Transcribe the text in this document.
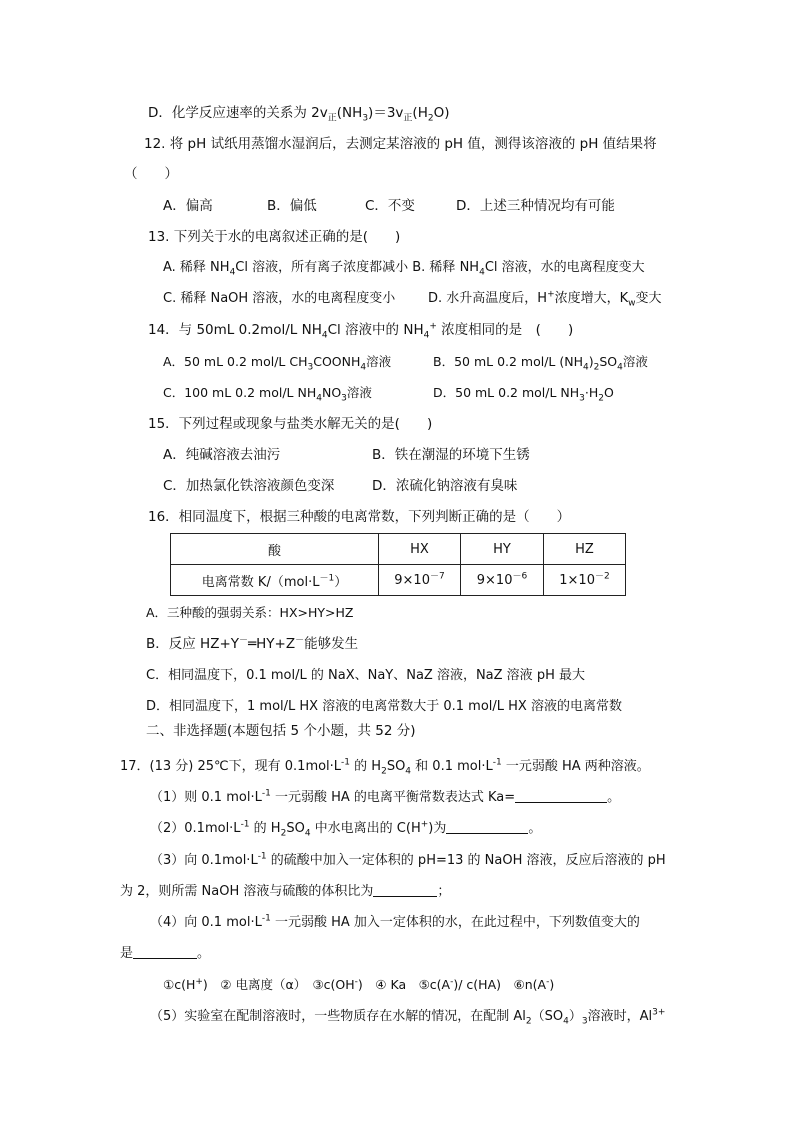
D．化学反应速率的关系为 $2v_正(NH_3)=3v_正(H_2O)$
12. 将 pH 试纸用蒸馏水湿润后，去测定某溶液的 pH 值，测得该溶液的 pH 值结果将
（　　）
A．偏高	B．偏低	C．不变	D．上述三种情况均有可能
13. 下列关于水的电离叙述正确的是(　　)
A. 稀释 $NH_4Cl$ 溶液，所有离子浓度都减小 B. 稀释 $NH_4Cl$ 溶液，水的电离程度变大
C. 稀释 NaOH 溶液，水的电离程度变小	D. 水升高温度后，H+浓度增大，$K_w$变大
14．与 50mL 0.2mol/L $NH_4Cl$ 溶液中的 $NH_4^+$ 浓度相同的是　(　　)
A．50 mL 0.2 mol/L $CH_3COONH_4$溶液	B．50 mL 0.2 mol/L $(NH_4)_2SO_4$溶液
C．100 mL 0.2 mol/L $NH_4NO_3$溶液	D．50 mL 0.2 mol/L $NH_3\cdot H_2O$
15．下列过程或现象与盐类水解无关的是(　　)
A．纯碱溶液去油污	B．铁在潮湿的环境下生锈
C．加热氯化铁溶液颜色变深	D．浓硫化钠溶液有臭味
16．相同温度下，根据三种酸的电离常数，下列判断正确的是（　　）
酸	HX	HY	HZ
电离常数 $K/(mol\cdot L^{-1})$	$9\times 10^{-7}$	$9\times 10^{-6}$	$1\times 10^{-2}$
A．三种酸的强弱关系：HX>HY>HZ
B．反应 HZ+Y－═HY+Z－能够发生
C．相同温度下，0.1 mol/L 的 NaX、NaY、NaZ 溶液，NaZ 溶液 pH 最大
D．相同温度下，1 mol/L HX 溶液的电离常数大于 0.1 mol/L HX 溶液的电离常数
二、非选择题(本题包括 5 个小题，共 52 分)
17．(13 分) 25℃下，现有 $0.1mol\cdot L^{-1}$ 的 $H_2SO_4$ 和 0.1 $mol\cdot L^{-1}$ 一元弱酸 HA 两种溶液。
（1）则 0.1 $mol\cdot L^{-1}$ 一元弱酸 HA 的电离平衡常数表达式 Ka=	。
$(2)0.1mol\cdot L^{-1}$ 的 $H_2SO_4$ 中水电离出的 C(H+)为	。
（3）向 $0.1mol\cdot L^{-1}$ 的硫酸中加入一定体积的 pH=13 的 NaOH 溶液，反应后溶液的 pH
为 2，则所需 NaOH 溶液与硫酸的体积比为	；
（4）向 0.1 $mol\cdot L^{-1}$ 一元弱酸 HA 加入一定体积的水，在此过程中，下列数值变大的
是	。
①c(H+)　② 电离度（α）　③c(OH-)　④ Ka　⑤c(A-)/ c(HA)　⑥n(A-)
（5）实验室在配制溶液时，一些物质存在水解的情况，在配制 $Al_2(SO_4)_3$溶液时，$Al^{3+}$
